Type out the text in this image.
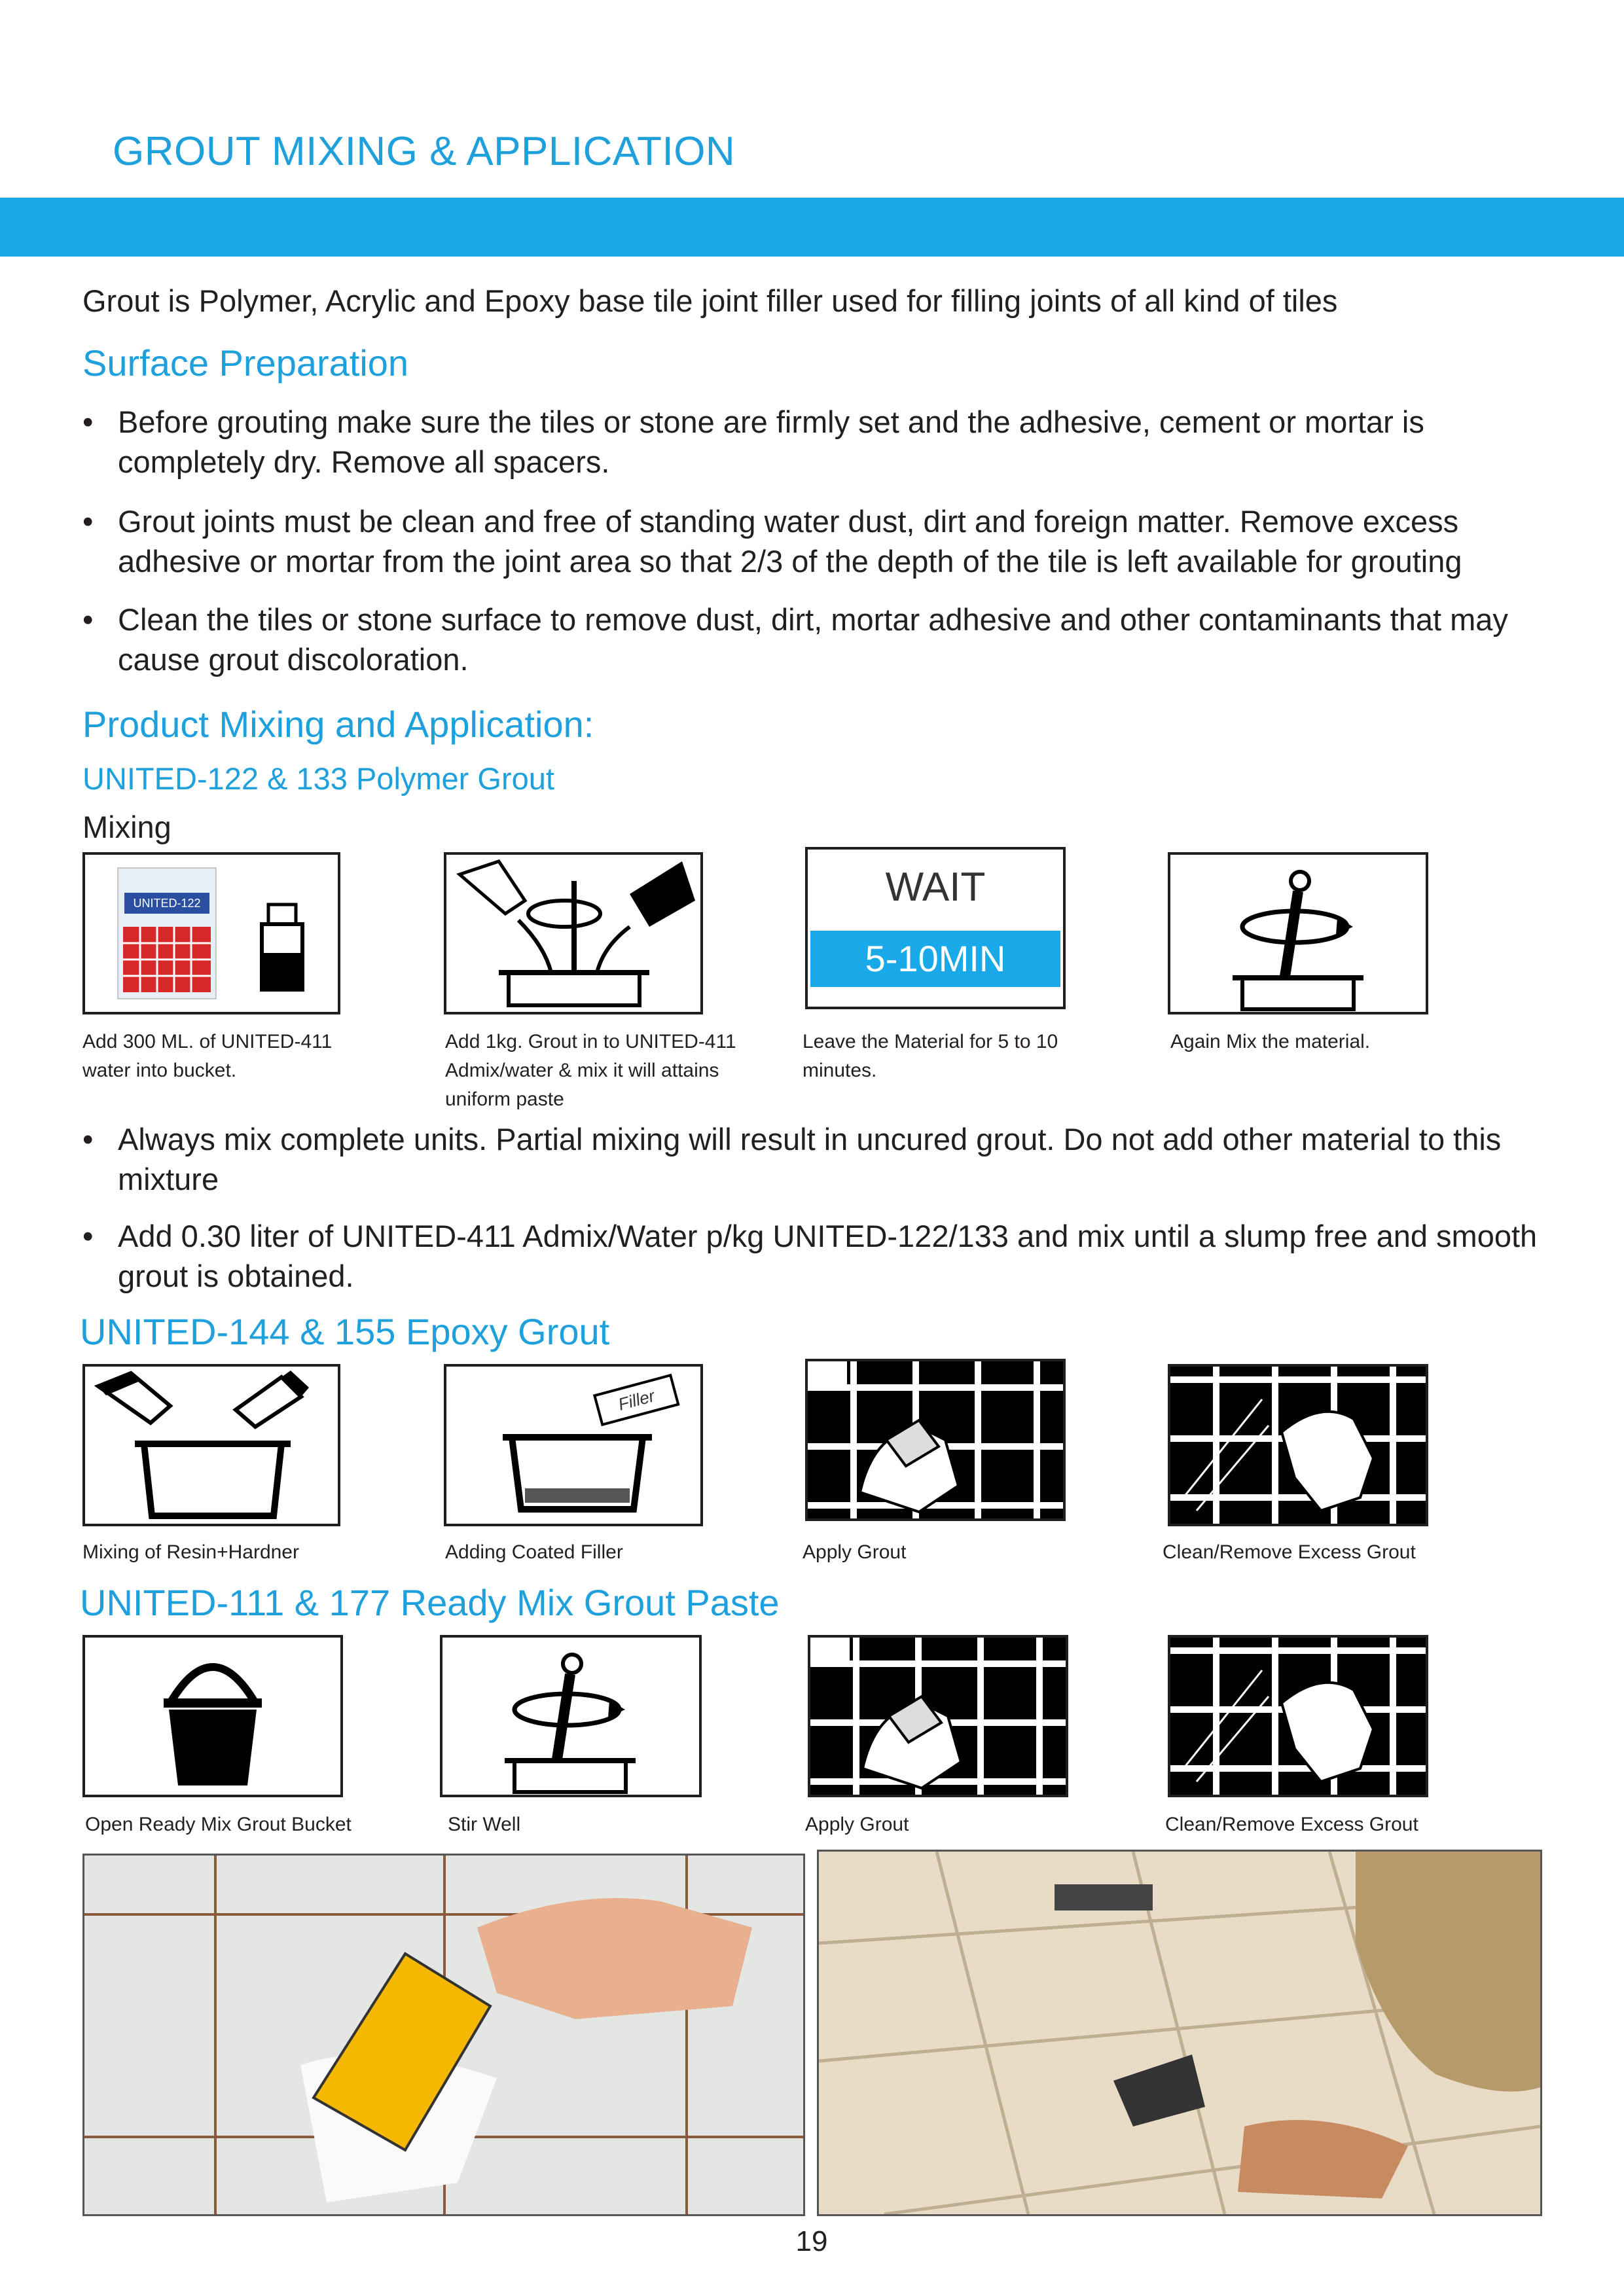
GROUT MIXING & APPLICATION
Grout is Polymer, Acrylic and Epoxy base tile joint filler used for filling joints of all kind of tiles
Surface Preparation
• Before grouting make sure the tiles or stone are firmly set and the adhesive, cement or mortar is completely dry. Remove all spacers.
• Grout joints must be clean and free of standing water dust, dirt and foreign matter. Remove excess adhesive or mortar from the joint area so that 2/3 of the depth of the tile is left available for grouting
• Clean the tiles or stone surface to remove dust, dirt, mortar adhesive and other contaminants that may cause grout discoloration.
Product Mixing and Application:
UNITED-122 & 133 Polymer Grout
Mixing
UNITED-122	WAIT
5-10MIN
Add 300 ML. of UNITED-411 water into bucket.
Add 1kg. Grout in to UNITED-411 Admix/water & mix it will attains uniform paste
Leave the Material for 5 to 10 minutes.
Again Mix the material.
• Always mix complete units. Partial mixing will result in uncured grout. Do not add other material to this mixture
• Add 0.30 liter of UNITED-411 Admix/Water p/kg UNITED-122/133 and mix until a slump free and smooth grout is obtained.
UNITED-144 & 155 Epoxy Grout
Filler
Mixing of Resin+Hardner	Adding Coated Filler	Apply Grout	Clean/Remove Excess Grout
UNITED-111 & 177 Ready Mix Grout Paste
Open Ready Mix Grout Bucket	Stir Well	Apply Grout	Clean/Remove Excess Grout
19
